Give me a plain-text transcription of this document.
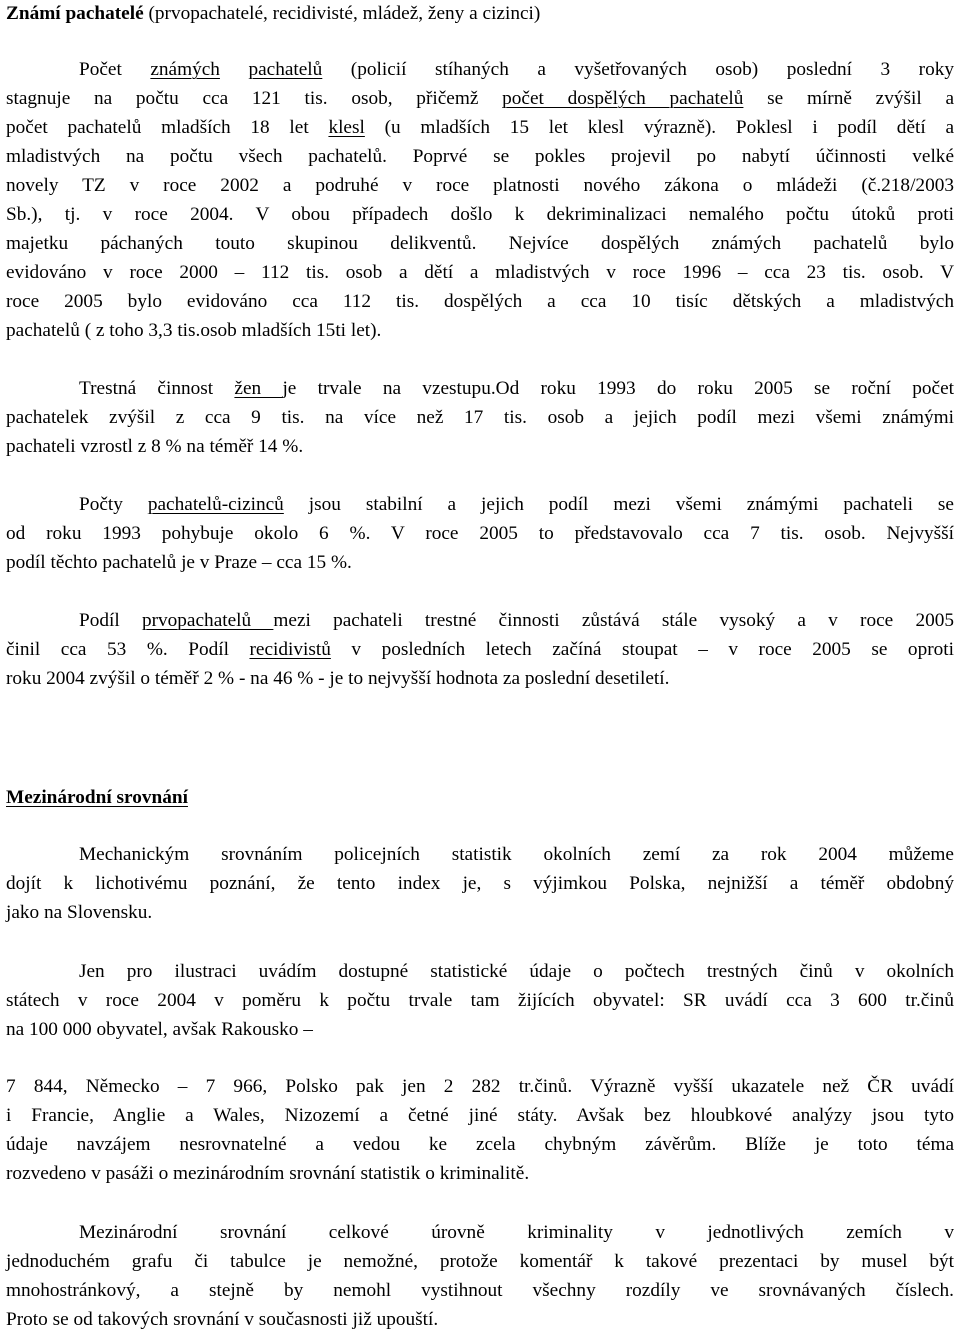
Známí pachatelé (prvopachatelé, recidivisté, mládež, ženy a cizinci)
Počet známých pachatelů (policií stíhaných a vyšetřovaných osob) poslední 3 roky
stagnuje na počtu cca 121 tis. osob, přičemž počet dospělých pachatelů se mírně zvýšil a
počet pachatelů mladších 18 let klesl (u mladších 15 let klesl výrazně). Poklesl i podíl dětí a
mladistvých na počtu všech pachatelů. Poprvé se pokles projevil po nabytí účinnosti velké
novely TZ v roce 2002 a podruhé v roce platnosti nového zákona o mládeži (č.218/2003
Sb.), tj. v roce 2004. V obou případech došlo k dekriminalizaci nemalého počtu útoků proti
majetku páchaných touto skupinou delikventů. Nejvíce dospělých známých pachatelů bylo
evidováno v roce 2000 – 112 tis. osob a dětí a mladistvých v roce 1996 – cca 23 tis. osob. V
roce 2005 bylo evidováno cca 112 tis. dospělých a cca 10 tisíc dětských a mladistvých
pachatelů ( z toho 3,3 tis.osob mladších 15ti let).
Trestná činnost žen je trvale na vzestupu.Od roku 1993 do roku 2005 se roční počet
pachatelek zvýšil z cca 9 tis. na více než 17 tis. osob a jejich podíl mezi všemi známými
pachateli vzrostl z 8 % na téměř 14 %.
Počty pachatelů-cizinců jsou stabilní a jejich podíl mezi všemi známými pachateli se
od roku 1993 pohybuje okolo 6 %. V roce 2005 to představovalo cca 7 tis. osob. Nejvyšší
podíl těchto pachatelů je v Praze – cca 15 %.
Podíl prvopachatelů mezi pachateli trestné činnosti zůstává stále vysoký a v roce 2005
činil cca 53 %. Podíl recidivistů v posledních letech začíná stoupat – v roce 2005 se oproti
roku 2004 zvýšil o téměř 2 % - na 46 % - je to nejvyšší hodnota za poslední desetiletí.
Mezinárodní srovnání
Mechanickým srovnáním policejních statistik okolních zemí za rok 2004 můžeme
dojít k lichotivému poznání, že tento index je, s výjimkou Polska, nejnižší a téměř obdobný
jako na Slovensku.
Jen pro ilustraci uvádím dostupné statistické údaje o počtech trestných činů v okolních
státech v roce 2004 v poměru k počtu trvale tam žijících obyvatel: SR uvádí cca 3 600 tr.činů
na 100 000 obyvatel, avšak Rakousko –
7 844, Německo – 7 966, Polsko pak jen 2 282 tr.činů. Výrazně vyšší ukazatele než ČR uvádí
i Francie, Anglie a Wales, Nizozemí a četné jiné státy. Avšak bez hloubkové analýzy jsou tyto
údaje navzájem nesrovnatelné a vedou ke zcela chybným závěrům. Blíže je toto téma
rozvedeno v pasáži o mezinárodním srovnání statistik o kriminalitě.
Mezinárodní srovnání celkové úrovně kriminality v jednotlivých zemích v
jednoduchém grafu či tabulce je nemožné, protože komentář k takové prezentaci by musel být
mnohostránkový, a stejně by nemohl vystihnout všechny rozdíly ve srovnávaných číslech.
Proto se od takových srovnání v současnosti již upouští.
